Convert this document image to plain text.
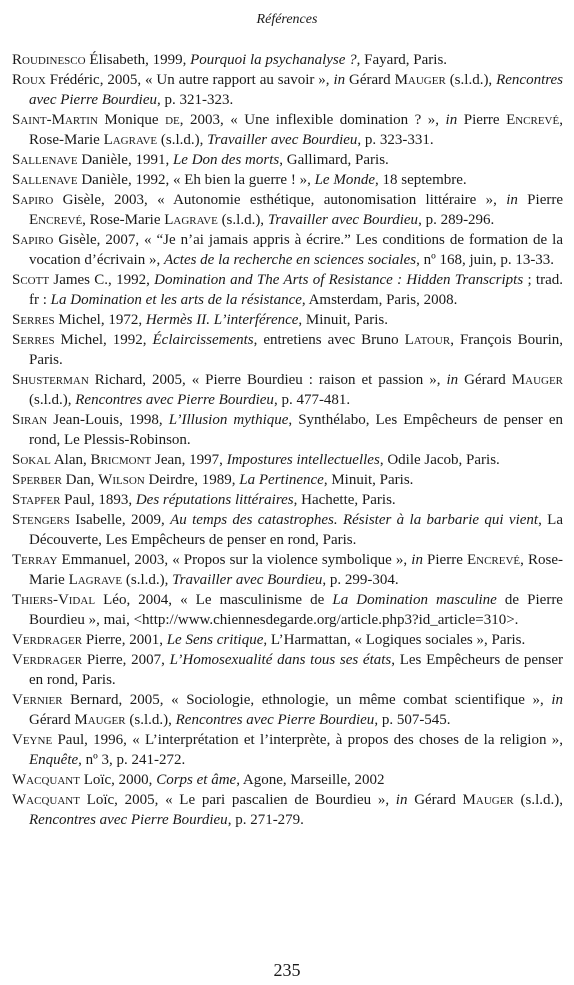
Références

Roudinesco Élisabeth, 1999, Pourquoi la psychanalyse ?, Fayard, Paris.

Roux Frédéric, 2005, « Un autre rapport au savoir », in Gérard Mauger (s.l.d.), Rencontres avec Pierre Bourdieu, p. 321-323.

Saint-Martin Monique de, 2003, « Une inflexible domination ? », in Pierre Encrevé, Rose-Marie Lagrave (s.l.d.), Travailler avec Bourdieu, p. 323-331.

Sallenave Danièle, 1991, Le Don des morts, Gallimard, Paris.

Sallenave Danièle, 1992, « Eh bien la guerre ! », Le Monde, 18 septembre.

Sapiro Gisèle, 2003, « Autonomie esthétique, autonomisation littéraire », in Pierre Encrevé, Rose-Marie Lagrave (s.l.d.), Travailler avec Bourdieu, p. 289-296.

Sapiro Gisèle, 2007, « “Je n’ai jamais appris à écrire.” Les conditions de formation de la vocation d’écrivain », Actes de la recherche en sciences sociales, nº 168, juin, p. 13-33.

Scott James C., 1992, Domination and The Arts of Resistance : Hidden Transcripts ; trad. fr : La Domination et les arts de la résistance, Amsterdam, Paris, 2008.

Serres Michel, 1972, Hermès II. L’interférence, Minuit, Paris.

Serres Michel, 1992, Éclaircissements, entretiens avec Bruno Latour, François Bourin, Paris.

Shusterman Richard, 2005, « Pierre Bourdieu : raison et passion », in Gérard Mauger (s.l.d.), Rencontres avec Pierre Bourdieu, p. 477-481.

Siran Jean-Louis, 1998, L’Illusion mythique, Synthélabo, Les Empêcheurs de penser en rond, Le Plessis-Robinson.

Sokal Alan, Bricmont Jean, 1997, Impostures intellectuelles, Odile Jacob, Paris.

Sperber Dan, Wilson Deirdre, 1989, La Pertinence, Minuit, Paris.

Stapfer Paul, 1893, Des réputations littéraires, Hachette, Paris.

Stengers Isabelle, 2009, Au temps des catastrophes. Résister à la barbarie qui vient, La Découverte, Les Empêcheurs de penser en rond, Paris.

Terray Emmanuel, 2003, « Propos sur la violence symbolique », in Pierre Encrevé, Rose-Marie Lagrave (s.l.d.), Travailler avec Bourdieu, p. 299-304.

Thiers-Vidal Léo, 2004, « Le masculinisme de La Domination masculine de Pierre Bourdieu », mai, <http://www.chiennesdegarde.org/article.php3?id_article=310>.

Verdrager Pierre, 2001, Le Sens critique, L’Harmattan, « Logiques sociales », Paris.

Verdrager Pierre, 2007, L’Homosexualité dans tous ses états, Les Empêcheurs de penser en rond, Paris.

Vernier Bernard, 2005, « Sociologie, ethnologie, un même combat scientifique », in Gérard Mauger (s.l.d.), Rencontres avec Pierre Bourdieu, p. 507-545.

Veyne Paul, 1996, « L’interprétation et l’interprète, à propos des choses de la religion », Enquête, nº 3, p. 241-272.

Wacquant Loïc, 2000, Corps et âme, Agone, Marseille, 2002

Wacquant Loïc, 2005, « Le pari pascalien de Bourdieu », in Gérard Mauger (s.l.d.), Rencontres avec Pierre Bourdieu, p. 271-279.

235
